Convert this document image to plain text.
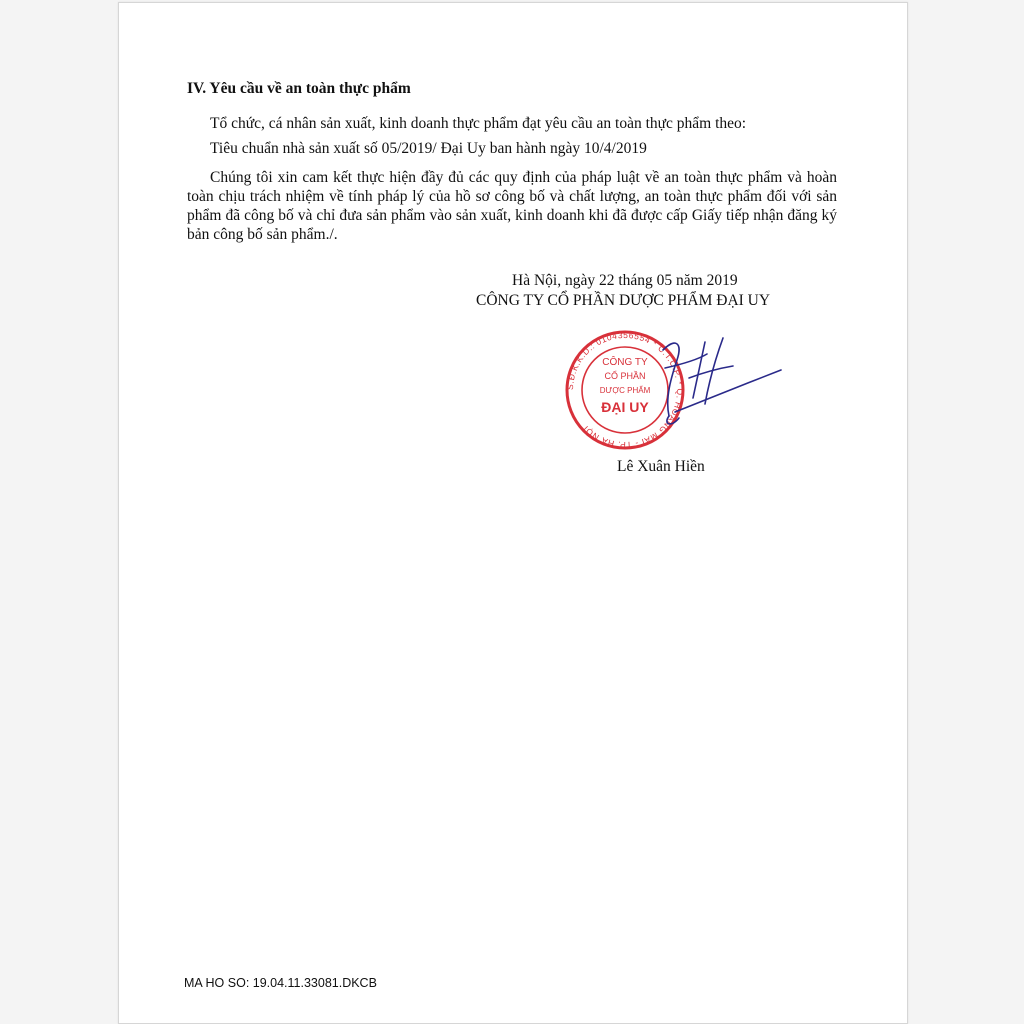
IV. Yêu cầu về an toàn thực phẩm
Tổ chức, cá nhân sản xuất, kinh doanh thực phẩm đạt yêu cầu an toàn thực phẩm theo:
Tiêu chuẩn nhà sản xuất số 05/2019/ Đại Uy ban hành ngày 10/4/2019
Chúng tôi xin cam kết thực hiện đầy đủ các quy định của pháp luật về an toàn thực phẩm và hoàn toàn chịu trách nhiệm về tính pháp lý của hồ sơ công bố và chất lượng, an toàn thực phẩm đối với sản phẩm đã công bố và chỉ đưa sản phẩm vào sản xuất, kinh doanh khi đã được cấp Giấy tiếp nhận đăng ký bản công bố sản phẩm./.
Hà Nội, ngày 22 tháng 05 năm 2019
CÔNG TY CỔ PHẦN DƯỢC PHẨM ĐẠI UY
S.Đ.K.K.D.: 0104356554 * C.T.C.P. * Q. HOÀNG MAI - TP. HÀ NỘI
CÔNG TY
CỔ PHẦN
DƯỢC PHẨM
ĐẠI UY
Lê Xuân Hiền
MA HO SO: 19.04.11.33081.DKCB
